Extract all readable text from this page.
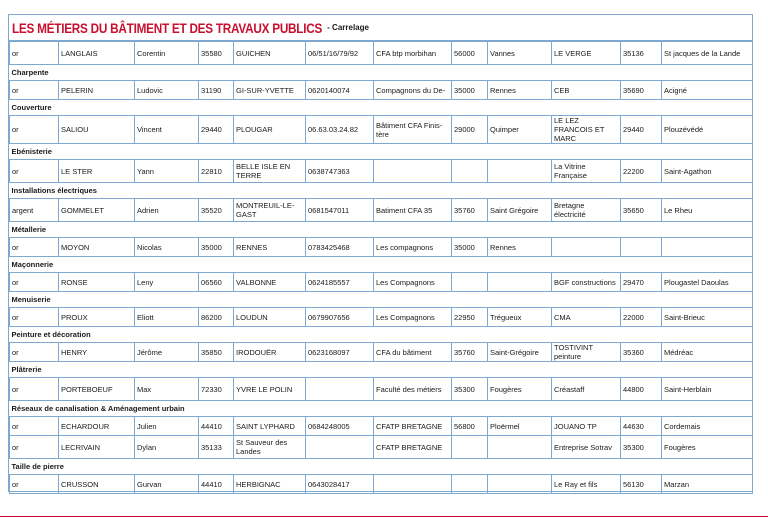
LES MÉTIERS DU BÂTIMENT ET DES TRAVAUX PUBLICS - Carrelage
or	LANGLAIS	Corentin	35580	GUICHEN	06/51/16/79/92	CFA btp morbihan	56000	Vannes	LE VERGE	35136	St jacques de la Lande
Charpente											
or	PELERIN	Ludovic	31190	GI-SUR-YVETTE	0620140074	Compagnons du De-	35000	Rennes	CEB	35690	Acigné
Couverture											
or	SALIOU	Vincent	29440	PLOUGAR	06.63.03.24.82	Bâtiment CFA Finis-tère	29000	Quimper	LE LEZ FRANCOIS ET MARC	29440	Plouzévédé
Ebénisterie											
or	LE STER	Yann	22810	BELLE ISLE EN TERRE	0638747363				La Vitrine Française	22200	Saint-Agathon
Installations électriques											
argent	GOMMELET	Adrien	35520	MONTREUIL-LE-GAST	0681547011	Batiment CFA 35	35760	Saint Grégoire	Bretagne électricité	35650	Le Rheu
Métallerie											
or	MOYON	Nicolas	35000	RENNES	0783425468	Les compagnons	35000	Rennes			
Maçonnerie											
or	RONSE	Leny	06560	VALBONNE	0624185557	Les Compagnons			BGF constructions	29470	Plougastel Daoulas
Menuiserie											
or	PROUX	Eliott	86200	LOUDUN	0679907656	Les Compagnons	22950	Trégueux	CMA	22000	Saint-Brieuc
Peinture et décoration											
or	HENRY	Jérôme	35850	IRODOUËR	0623168097	CFA du bâtiment	35760	Saint-Grégoire	TOSTIVINT peinture	35360	Médréac
Plâtrerie											
or	PORTEBOEUF	Max	72330	YVRE LE POLIN		Faculté des métiers	35300	Fougères	Créastaff	44800	Saint-Herblain
Réseaux de canalisation & Aménagement urbain											
or	ECHARDOUR	Julien	44410	SAINT LYPHARD	0684248005	CFATP BRETAGNE	56800	Ploërmel	JOUANO TP	44630	Cordemais
or	LECRIVAIN	Dylan	35133	St Sauveur des Landes		CFATP BRETAGNE			Entreprise Sotrav	35300	Fougères
Taille de pierre											
or	CRUSSON	Gurvan	44410	HERBIGNAC	0643028417				Le Ray et fils	56130	Marzan
